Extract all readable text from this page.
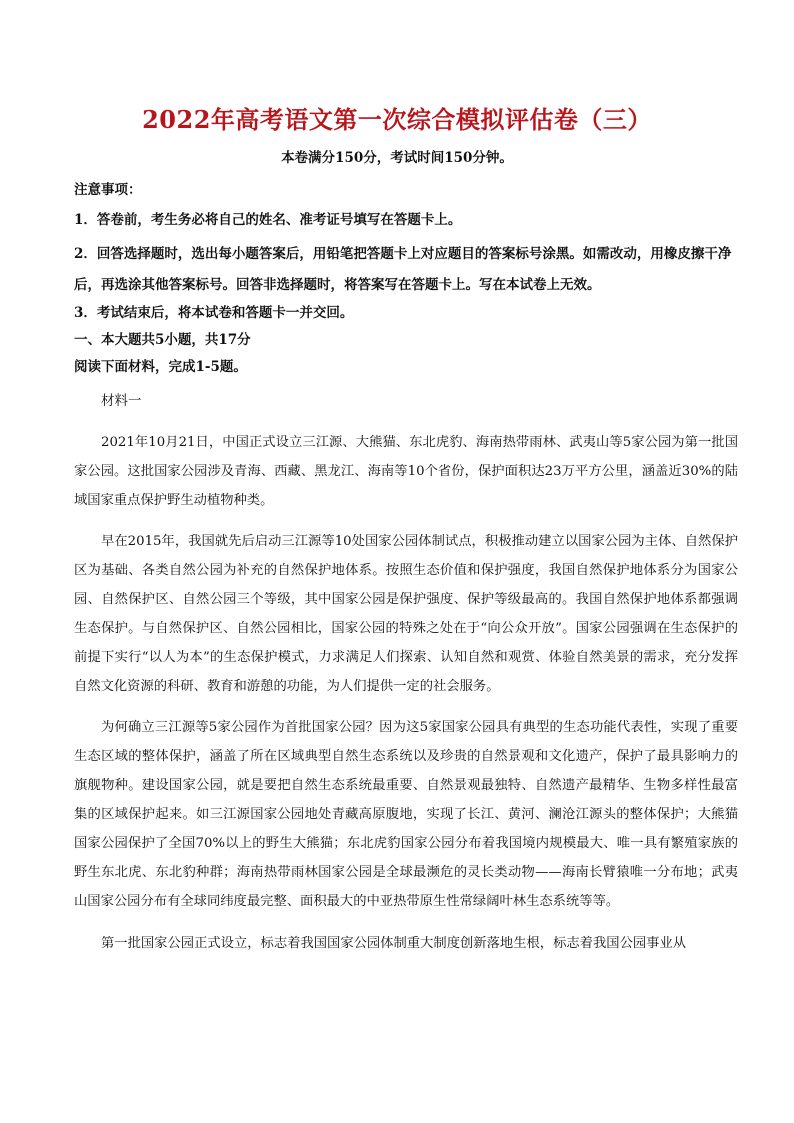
2022年高考语文第一次综合模拟评估卷（三）

本卷满分150分，考试时间150分钟。

注意事项：

1．答卷前，考生务必将自己的姓名、准考证号填写在答题卡上。

2．回答选择题时，选出每小题答案后，用铅笔把答题卡上对应题目的答案标号涂黑。如需改动，用橡皮擦干净后，再选涂其他答案标号。回答非选择题时，将答案写在答题卡上。写在本试卷上无效。

3．考试结束后，将本试卷和答题卡一并交回。

一、本大题共5小题，共17分

阅读下面材料，完成1-5题。

材料一

2021年10月21日，中国正式设立三江源、大熊猫、东北虎豹、海南热带雨林、武夷山等5家公园为第一批国家公园。这批国家公园涉及青海、西藏、黑龙江、海南等10个省份，保护面积达23万平方公里，涵盖近30%的陆域国家重点保护野生动植物种类。

早在2015年，我国就先后启动三江源等10处国家公园体制试点，积极推动建立以国家公园为主体、自然保护区为基础、各类自然公园为补充的自然保护地体系。按照生态价值和保护强度，我国自然保护地体系分为国家公园、自然保护区、自然公园三个等级，其中国家公园是保护强度、保护等级最高的。我国自然保护地体系都强调生态保护。与自然保护区、自然公园相比，国家公园的特殊之处在于“向公众开放”。国家公园强调在生态保护的前提下实行“以人为本”的生态保护模式，力求满足人们探索、认知自然和观赏、体验自然美景的需求，充分发挥自然文化资源的科研、教育和游憩的功能，为人们提供一定的社会服务。

为何确立三江源等5家公园作为首批国家公园？因为这5家国家公园具有典型的生态功能代表性，实现了重要生态区域的整体保护，涵盖了所在区域典型自然生态系统以及珍贵的自然景观和文化遗产，保护了最具影响力的旗舰物种。建设国家公园，就是要把自然生态系统最重要、自然景观最独特、自然遗产最精华、生物多样性最富集的区域保护起来。如三江源国家公园地处青藏高原腹地，实现了长江、黄河、澜沧江源头的整体保护；大熊猫国家公园保护了全国70%以上的野生大熊猫；东北虎豹国家公园分布着我国境内规模最大、唯一具有繁殖家族的野生东北虎、东北豹种群；海南热带雨林国家公园是全球最濒危的灵长类动物——海南长臂猿唯一分布地；武夷山国家公园分布有全球同纬度最完整、面积最大的中亚热带原生性常绿阔叶林生态系统等等。

第一批国家公园正式设立，标志着我国国家公园体制重大制度创新落地生根，标志着我国公园事业从
